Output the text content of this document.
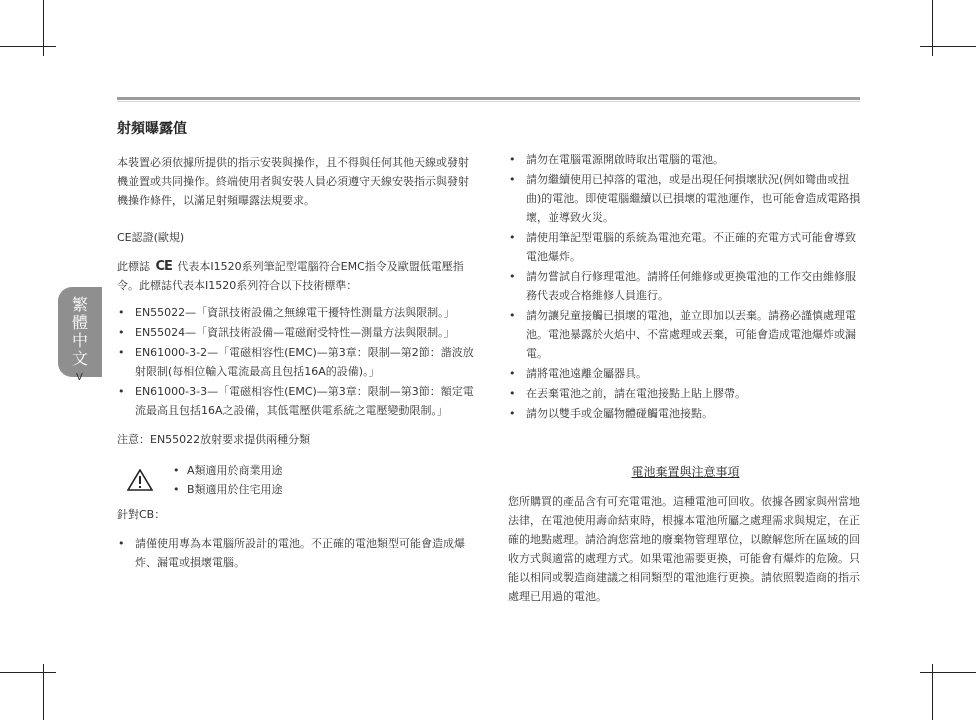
繁
體
中
文
V
射頻曝露值

本裝置必須依據所提供的指示安裝與操作，且不得與任何其他天線或發射機並置或共同操作。終端使用者與安裝人員必須遵守天線安裝指示與發射機操作條件，以滿足射頻曝露法規要求。

CE認證(歐規)

此標誌 CE 代表本I1520系列筆記型電腦符合EMC指令及歐盟低電壓指令。此標誌代表本I1520系列符合以下技術標準：

• EN55022—「資訊技術設備之無線電干擾特性測量方法與限制。」
• EN55024—「資訊技術設備—電磁耐受特性—測量方法與限制。」
• EN61000-3-2—「電磁相容性(EMC)—第3章：限制—第2節：諧波放射限制(每相位輸入電流最高且包括16A的設備)。」
• EN61000-3-3—「電磁相容性(EMC)—第3章：限制—第3節：額定電流最高且包括16A之設備，其低電壓供電系統之電壓變動限制。」

注意：EN55022放射要求提供兩種分類

• A類適用於商業用途
• B類適用於住宅用途

針對CB：

• 請僅使用專為本電腦所設計的電池。不正確的電池類型可能會造成爆炸、漏電或損壞電腦。
• 請勿在電腦電源開啟時取出電腦的電池。
• 請勿繼續使用已掉落的電池，或是出現任何損壞狀況(例如彎曲或扭曲)的電池。即使電腦繼續以已損壞的電池運作，也可能會造成電路損壞，並導致火災。
• 請使用筆記型電腦的系統為電池充電。不正確的充電方式可能會導致電池爆炸。
• 請勿嘗試自行修理電池。請將任何維修或更換電池的工作交由維修服務代表或合格維修人員進行。
• 請勿讓兒童接觸已損壞的電池，並立即加以丟棄。請務必謹慎處理電池。電池暴露於火焰中、不當處理或丟棄，可能會造成電池爆炸或漏電。
• 請將電池遠離金屬器具。
• 在丟棄電池之前，請在電池接點上貼上膠帶。
• 請勿以雙手或金屬物體碰觸電池接點。
電池棄置與注意事項

您所購買的產品含有可充電電池。這種電池可回收。依據各國家與州當地法律，在電池使用壽命結束時，根據本電池所屬之處理需求與規定，在正確的地點處理。請洽詢您當地的廢棄物管理單位，以瞭解您所在區域的回收方式與適當的處理方式。如果電池需要更換，可能會有爆炸的危險。只能以相同或製造商建議之相同類型的電池進行更換。請依照製造商的指示處理已用過的電池。
